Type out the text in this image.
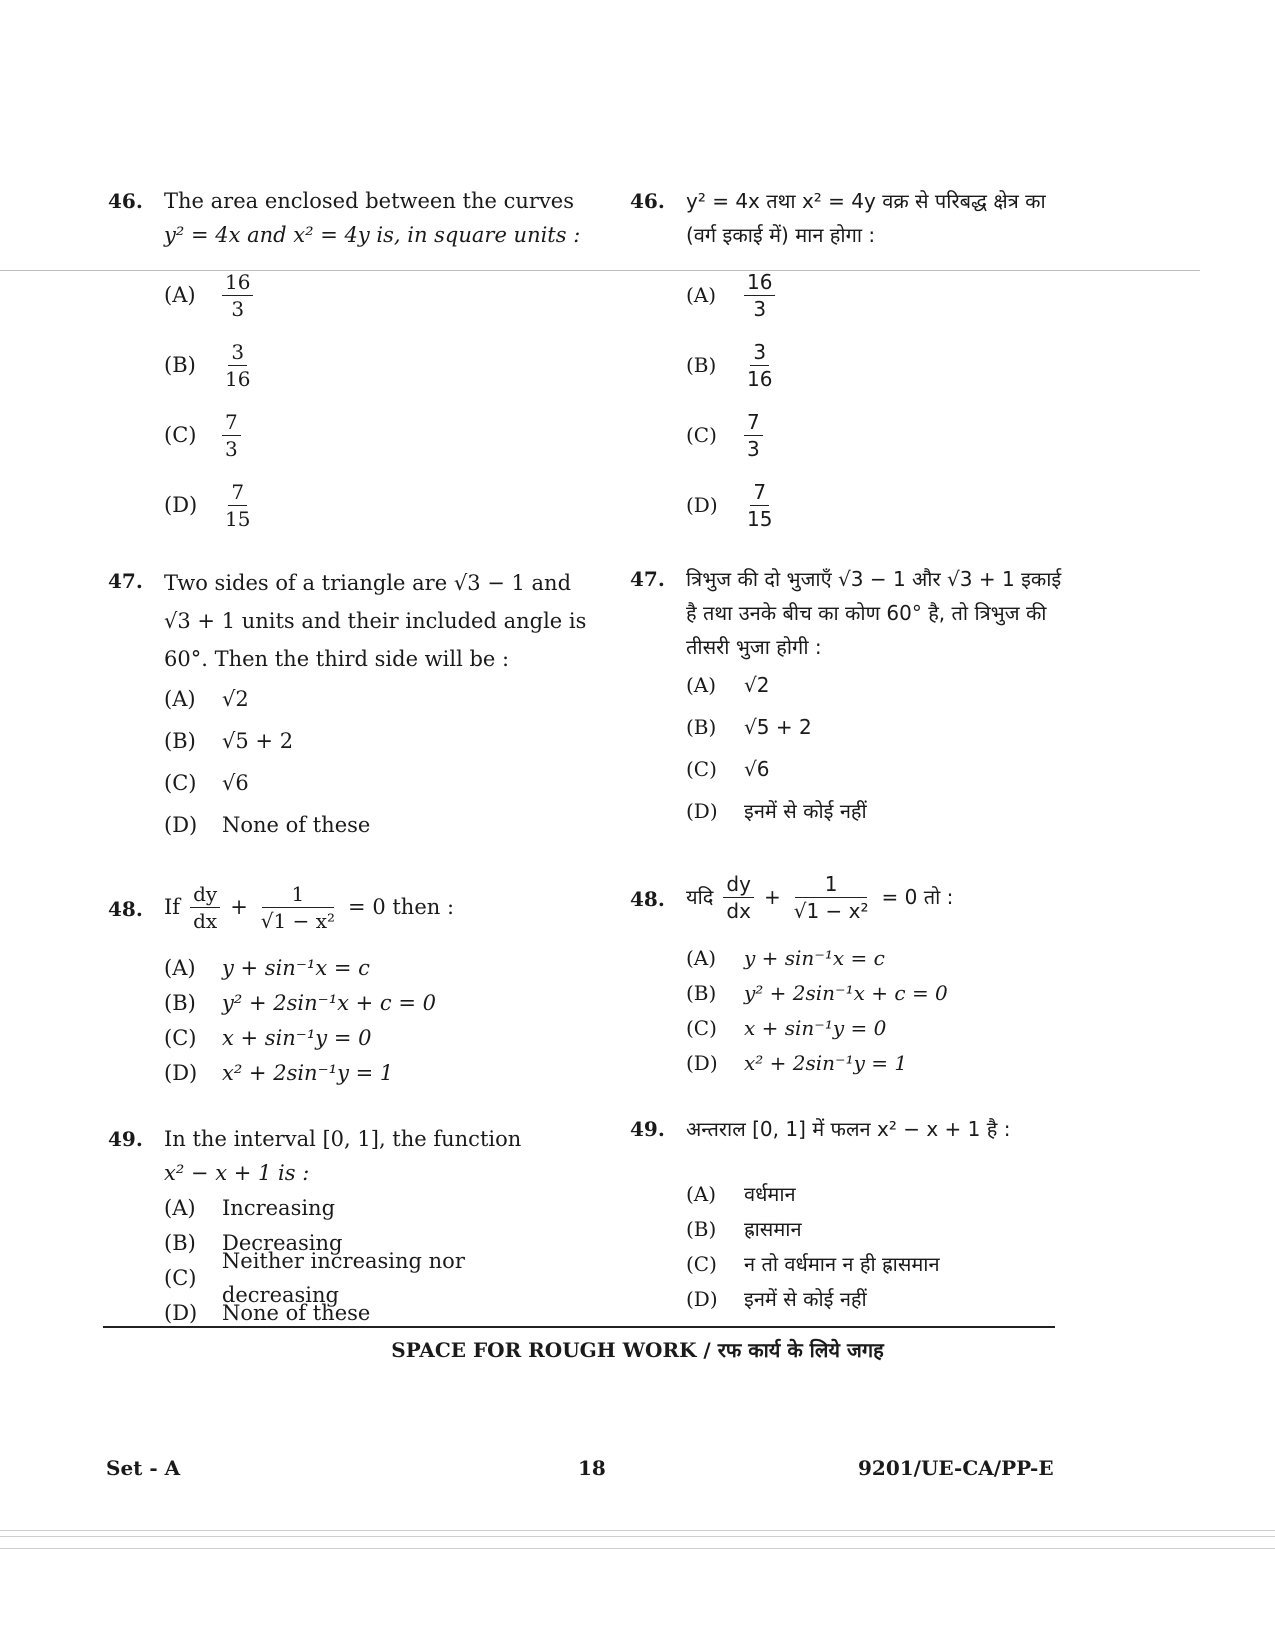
46.	The area enclosed between the curves
y² = 4x and x² = 4y is, in square units :
(A)	$\frac{16}{3}$
(B)	$\frac{3}{16}$
(C)	$\frac{7}{3}$
(D)	$\frac{7}{15}$
47.	Two sides of a triangle are √3 − 1 and
√3 + 1 units and their included angle is
60°. Then the third side will be :
(A)	√2
(B)	√5 + 2
(C)	√6
(D)	None of these
48.	If $\frac{dy}{dx} + \frac{1}{\text{√1 − x²}} = 0$ then :
(A)	y + sin⁻¹x = c
(B)	y² + 2sin⁻¹x + c = 0
(C)	x + sin⁻¹y = 0
(D)	x² + 2sin⁻¹y = 1
49.	In the interval [0, 1], the function
x² − x + 1 is :
(A)	Increasing
(B)	Decreasing
(C)
Neither increasing nor decreasing
(D)	None of these
46.	y² = 4x तथा x² = 4y वक्र से परिबद्ध क्षेत्र का
(वर्ग इकाई में) मान होगा :
(A)	$\frac{16}{3}$
(B)	$\frac{3}{16}$
(C)	$\frac{7}{3}$
(D)	$\frac{7}{15}$
47.	त्रिभुज की दो भुजाएँ √3 − 1 और √3 + 1 इकाई
है तथा उनके बीच का कोण 60° है, तो त्रिभुज की
तीसरी भुजा होगी :
(A)	√2
(B)	√5 + 2
(C)	√6
(D)	इनमें से कोई नहीं
48.	यदि $\frac{dy}{dx} + \frac{1}{\text{√1 − x²}} = 0$ तो :
(A)	y + sin⁻¹x = c
(B)	y² + 2sin⁻¹x + c = 0
(C)	x + sin⁻¹y = 0
(D)	x² + 2sin⁻¹y = 1
49.	अन्तराल [0, 1] में फलन x² − x + 1 है :
(A)	वर्धमान
(B)	ह्रासमान
(C)	न तो वर्धमान न ही ह्रासमान
(D)	इनमें से कोई नहीं
SPACE FOR ROUGH WORK / रफ कार्य के लिये जगह
Set - A	18	9201/UE-CA/PP-E
